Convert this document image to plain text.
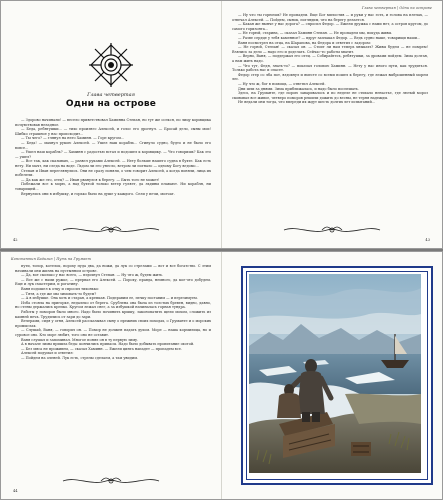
Глава четвертая
Одни на острове

— Здорово начинали! — весело приветствовал Хаминна Степан, но тут же осекся, по лицу кормщика почувствовав неладное.

— Беда, ребятушки... — тихо произнес Алексей, и голос его дрогнул. — Бросай дело, сыны мои! Шибко страшное у нас происходит...

— Ты чего? — глянул на него Хаминн. — Горе кругом...

— Беда! — махнул рукою Алексей. — Ушел наш корабль... Сгинуло судно, будто и не было его вовсе...

— Ушел наш корабль? — Хаминн с радостью встал и подошел к кормщику. — Что говоришь? Как это — ушел?

— Все так, как сказываю, — развел руками Алексей. — Нету больше нашего судна в бухте. Как есть нету. Ни мачт, ни следа на воде. Льдом ли его унесло, ветром ли погнало — одному Богу ведомо...

Степан и Иван переглянулись. Они не сразу поняли, о чем говорит Алексей, а когда поняли, лица их побелели.

— Да как же это, отец? — Иван рванулся к берегу. — Быть того не может!

Побежали все к морю, а над бухтой только ветер гуляет, да льдины плавают. Ни корабля, ни товарищей...

Вернулись они в избушку, и горько было на душе у каждого. Сели у печи, молчат.

42
Глава четвертая | Одни на острове

— Ну что ты горюешь? Не пропадем. Еще Бог милостив — и руки у нас есть, и голова на плечах, — отвечал Алексей. — Пойдем, сынок, поглядим, что на берегу делается.

— Какая же нынче у нас дорога? — спросил Федор. — Ежели дружка с нами нет, а остров кругом, до самого горизонта...

— Не горюй, старина, — сказал Хаминн Степан. — Не пропадем мы, покуда живы.

— Разве сердце у тебя каменное? — вдруг заплакал Федор. — Ведь судно наше, товарищи наши...

Ваня посмотрел на отца, на Шарапова, на Федора и ответил с задором:

— Не горюй, Степан! — сказал он. — Стоит ли нам теперь хныкать? Живы будем — не помрем! Взялись за дело — надо его и доделать. Сейчас-то работы хватит.

— Верно, Ваня, — поддержал его отец. — Собирайтесь, ребятушки, за дровами пойдем. Зима долгая, а нам жить надо.

— Что тут, Федя, знать-то? — покачал головою Хаминн. — Нету у нас иного пути, как трудиться. Только работа нас и спасет.

Федор стер со лба пот, вздохнул и вместе со всеми пошел к берегу, где лежал выброшенный морем лес.

— Ну что ж, бог в помощь, — ответил Алексей.

Дни шли за днями. Зима приближалась, и надо было поспешать.

Здесь, на Груманте, где порою заваривалось и по неделе не стихало ненастье, где лютый мороз сковывал все живое, четверо поморов решили дожить до весны, не теряя надежды.

Не ведали они тогда, что впереди их ждут шесть долгих лет испытаний...

43
Константин Бадигин | Путь на Грумант

пути, топор, котелок, пороху пуда два, да ножи, да лук со стрелами — вот и все богатство. С этим начинали они жизнь на пустынном острове.

— Да, вот сколько у нас всего, — вздохнул Степан. — Ну что ж, будем жить.

— Все же с нами ружье, — прервал его Алексей. — Пороху, правда, немного, да кое-что добудем. Еще и лук смастерим, и рогатину.

Ваня подошел к отцу и спросил тихонько:

— Тятя, а где же мы зимовать-то будем?

— А в избушке. Она хоть и старая, а крепкая. Подправим ее, печку поставим — и перезимуем.

Изба стояла на пригорке, недалеко от берега. Срублена она была из толстых бревен, видно, давно, но стены держались крепко. Кругом лежал снег, а за избушкой начиналась горная тундра.

Работы у поморов было много. Надо было починить крышу, законопатить щели мохом, сложить из камней печь. Трудились от зари до зари.

Вечерами, сидя у огня, Алексей рассказывал сыну о прежних своих походах, о Груманте и о морских промыслах.

— Слушай, Ваня, — говорил он. — Помор не должен падать духом. Море — наша кормилица, но и суровое оно. Кто море любит, того оно не оставит.

Ваня слушал и запоминал. Многое понял он в ту первую зиму.

А в начале зимы пришла беда: кончились припасы. Надо было добывать пропитание охотой.

— Без мяса не проживем, — сказал Хаминн. — Ежели цинга нападет — пропадем все.

Алексей подумал и ответил:

— Пойдем на оленей. Лук есть, стрелы сделаем, а там увидим.

44
